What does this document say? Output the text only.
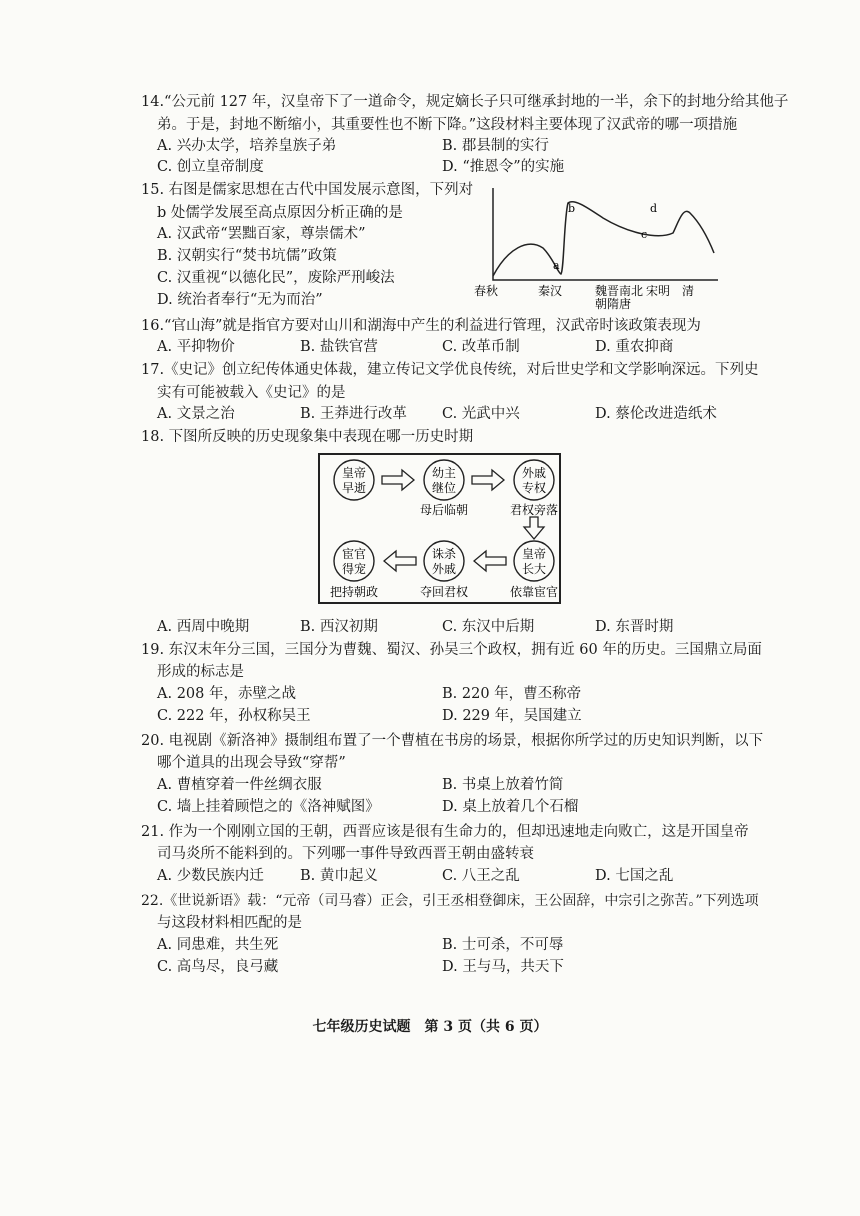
14.“公元前 127 年，汉皇帝下了一道命令，规定嫡长子只可继承封地的一半，余下的封地分给其他子
弟。于是，封地不断缩小，其重要性也不断下降。”这段材料主要体现了汉武帝的哪一项措施
A. 兴办太学，培养皇族子弟	B. 郡县制的实行
C. 创立皇帝制度	D. “推恩令”的实施
15. 右图是儒家思想在古代中国发展示意图，下列对
b 处儒学发展至高点原因分析正确的是
A. 汉武帝“罢黜百家，尊崇儒术”
B. 汉朝实行“焚书坑儒”政策
C. 汉重视“以德化民”，废除严刑峻法
D. 统治者奉行“无为而治”
a
b
c
d
春秋	秦汉	魏晋南北
朝隋唐
宋明 清
16.“官山海”就是指官方要对山川和湖海中产生的利益进行管理，汉武帝时该政策表现为
A. 平抑物价	B. 盐铁官营	C. 改革币制	D. 重农抑商
17.《史记》创立纪传体通史体裁，建立传记文学优良传统，对后世史学和文学影响深远。下列史
实有可能被载入《史记》的是
A. 文景之治	B. 王莽进行改革 C. 光武中兴	D. 蔡伦改进造纸术
18. 下图所反映的历史现象集中表现在哪一历史时期
皇帝
早逝
幼主
继位
外戚
专权
皇帝
长大
诛杀
外戚
宦官
得宠
母后临朝	君权旁落
依靠宦官
夺回君权
把持朝政
A. 西周中晚期	B. 西汉初期	C. 东汉中后期	D. 东晋时期
19. 东汉末年分三国，三国分为曹魏、蜀汉、孙吴三个政权，拥有近 60 年的历史。三国鼎立局面
形成的标志是
A. 208 年，赤壁之战	B. 220 年，曹丕称帝
C. 222 年，孙权称吴王	D. 229 年，吴国建立
20. 电视剧《新洛神》摄制组布置了一个曹植在书房的场景，根据你所学过的历史知识判断，以下
哪个道具的出现会导致“穿帮”
A. 曹植穿着一件丝绸衣服	B. 书桌上放着竹简
C. 墙上挂着顾恺之的《洛神赋图》	D. 桌上放着几个石榴
21. 作为一个刚刚立国的王朝，西晋应该是很有生命力的，但却迅速地走向败亡，这是开国皇帝
司马炎所不能料到的。下列哪一事件导致西晋王朝由盛转衰
A. 少数民族内迁	B. 黄巾起义	C. 八王之乱	D. 七国之乱
22.《世说新语》载：“元帝（司马睿）正会，引王丞相登御床，王公固辞，中宗引之弥苦。”下列选项
与这段材料相匹配的是
A. 同患难，共生死	B. 士可杀，不可辱
C. 高鸟尽，良弓藏	D. 王与马，共天下
七年级历史试题　第 3 页（共 6 页）
